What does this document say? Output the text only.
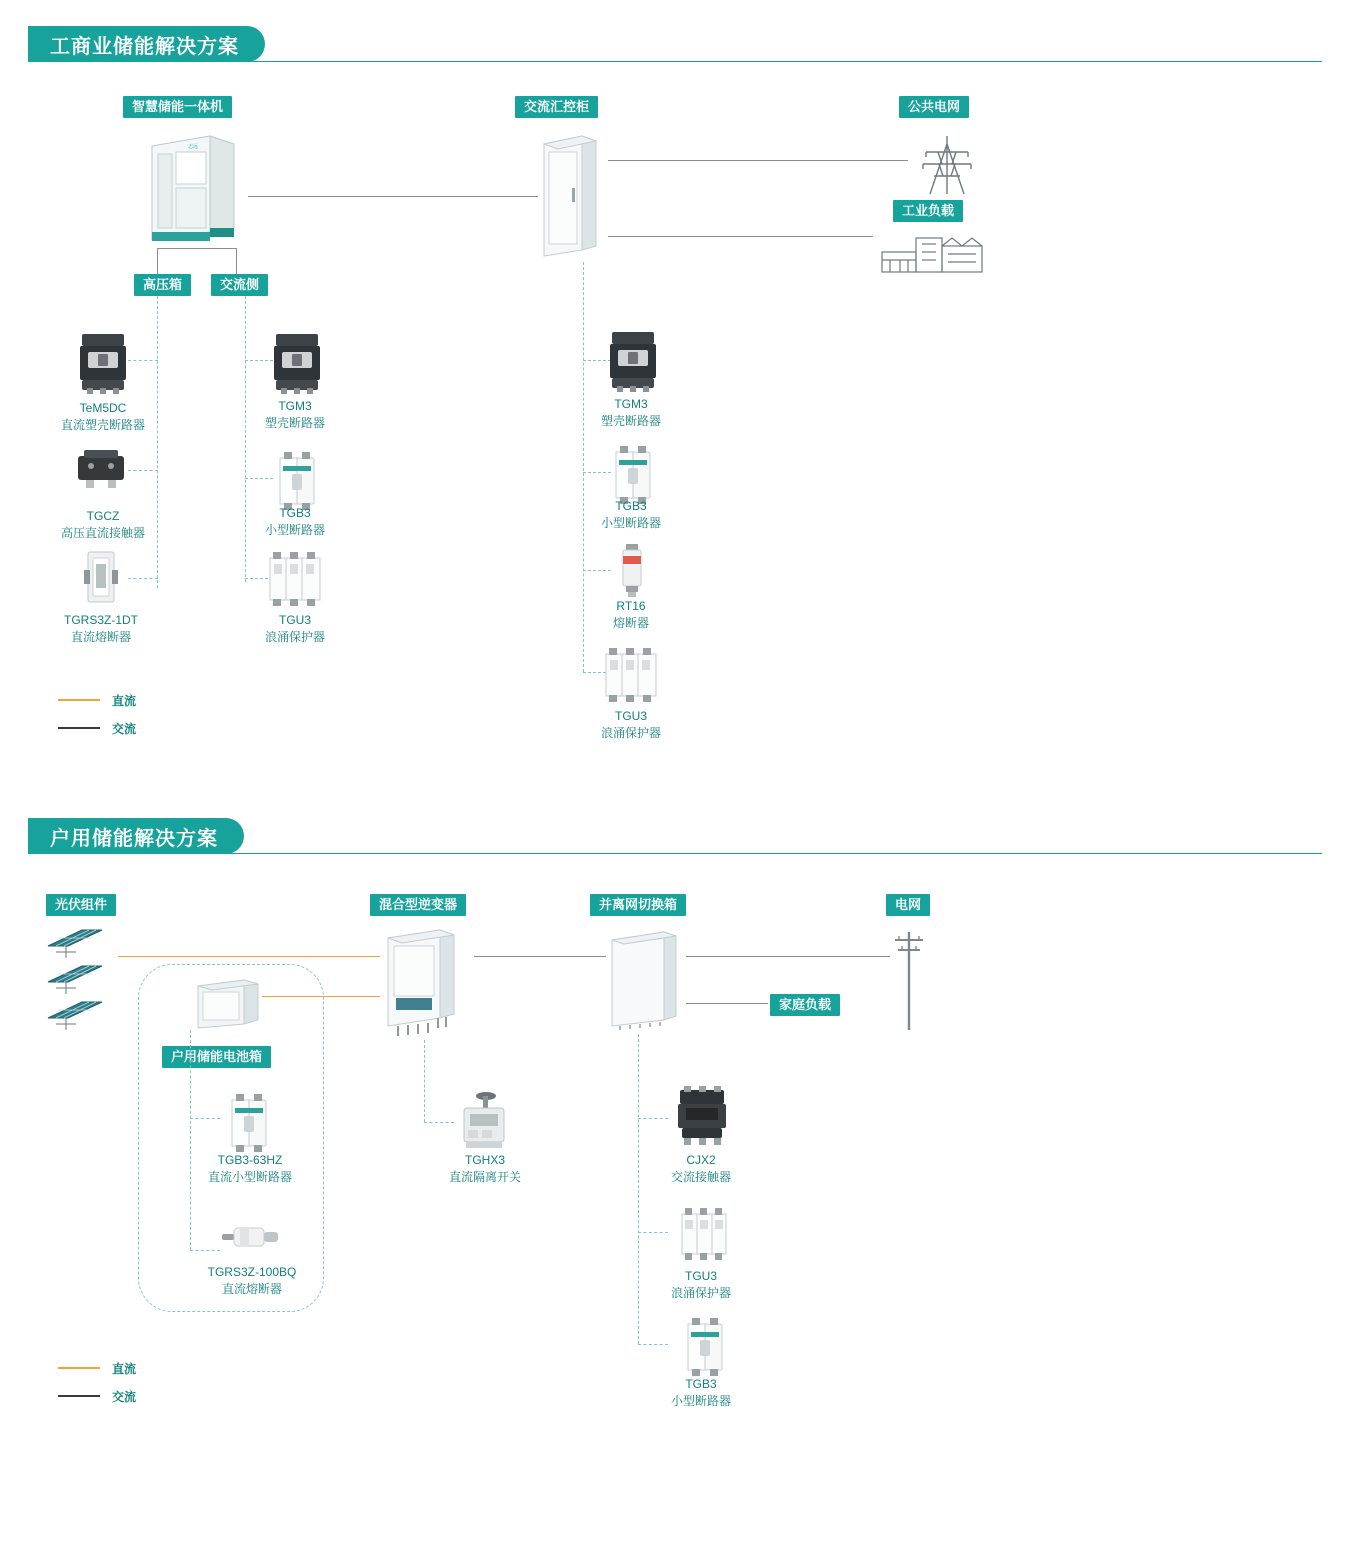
工商业储能解决方案
智慧储能一体机	交流汇控柜	公共电网
工业负载
志远
高压箱	交流侧
TeM5DC
直流塑壳断路器
TGCZ
高压直流接触器
TGRS3Z-1DT
直流熔断器
TGM3
塑壳断路器
TGB3
小型断路器
TGU3
浪涌保护器
TGM3
塑壳断路器
TGB3
小型断路器
RT16
熔断器
TGU3
浪涌保护器
直流
交流
户用储能解决方案
光伏组件	混合型逆变器	并离网切换箱	电网
家庭负载
户用储能电池箱
TGB3-63HZ
直流小型断路器
TGRS3Z-100BQ
直流熔断器
TGHX3
直流隔离开关
CJX2
交流接触器
TGU3
浪涌保护器
TGB3
小型断路器
直流
交流
